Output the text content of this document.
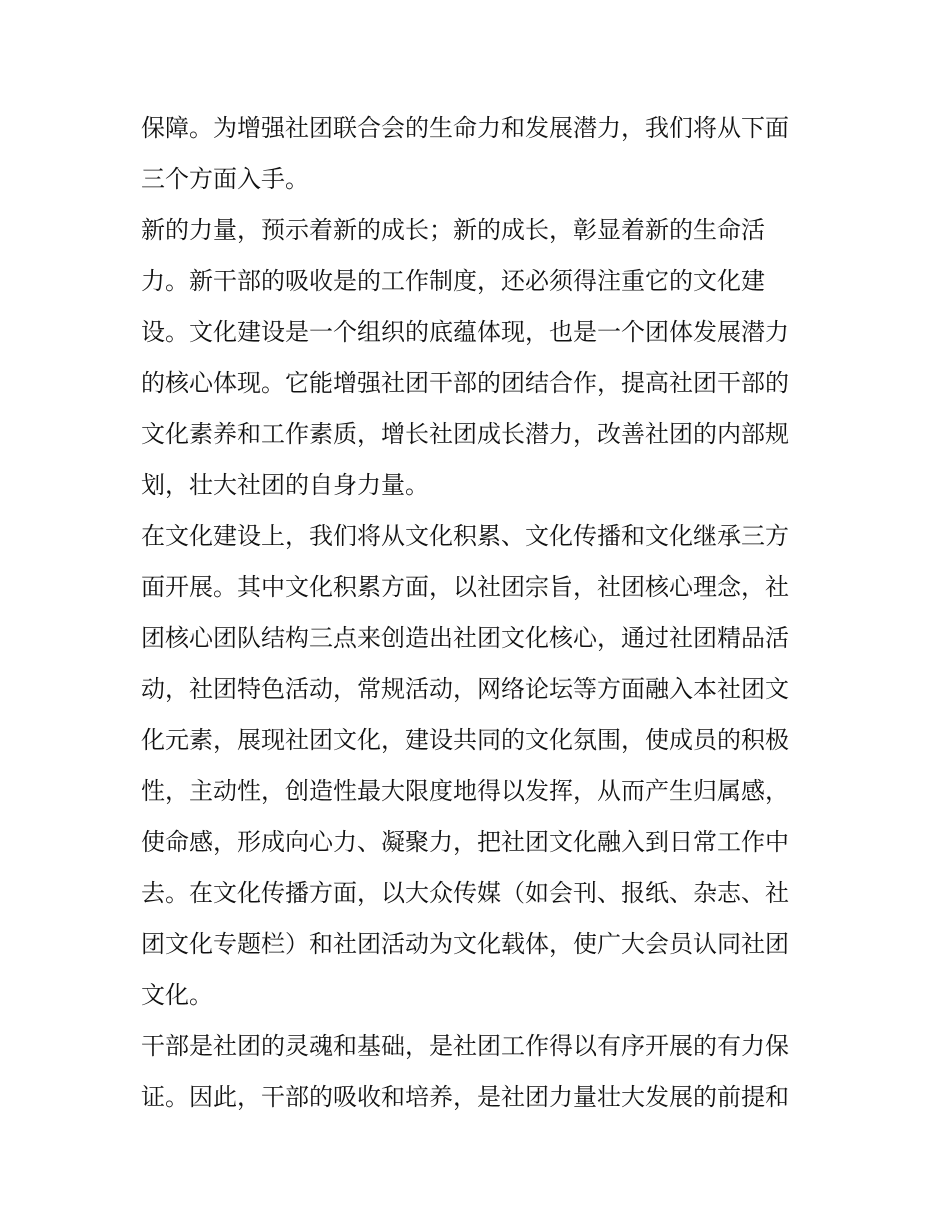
保障。为增强社团联合会的生命力和发展潜力，我们将从下面
三个方面入手。
新的力量，预示着新的成长；新的成长，彰显着新的生命活
力。新干部的吸收是的工作制度，还必须得注重它的文化建
设。文化建设是一个组织的底蕴体现，也是一个团体发展潜力
的核心体现。它能增强社团干部的团结合作，提高社团干部的
文化素养和工作素质，增长社团成长潜力，改善社团的内部规
划，壮大社团的自身力量。
在文化建设上，我们将从文化积累、文化传播和文化继承三方
面开展。其中文化积累方面，以社团宗旨，社团核心理念，社
团核心团队结构三点来创造出社团文化核心，通过社团精品活
动，社团特色活动，常规活动，网络论坛等方面融入本社团文
化元素，展现社团文化，建设共同的文化氛围，使成员的积极
性，主动性，创造性最大限度地得以发挥，从而产生归属感，
使命感，形成向心力、凝聚力，把社团文化融入到日常工作中
去。在文化传播方面，以大众传媒（如会刊、报纸、杂志、社
团文化专题栏）和社团活动为文化载体，使广大会员认同社团
文化。
干部是社团的灵魂和基础，是社团工作得以有序开展的有力保
证。因此，干部的吸收和培养，是社团力量壮大发展的前提和
